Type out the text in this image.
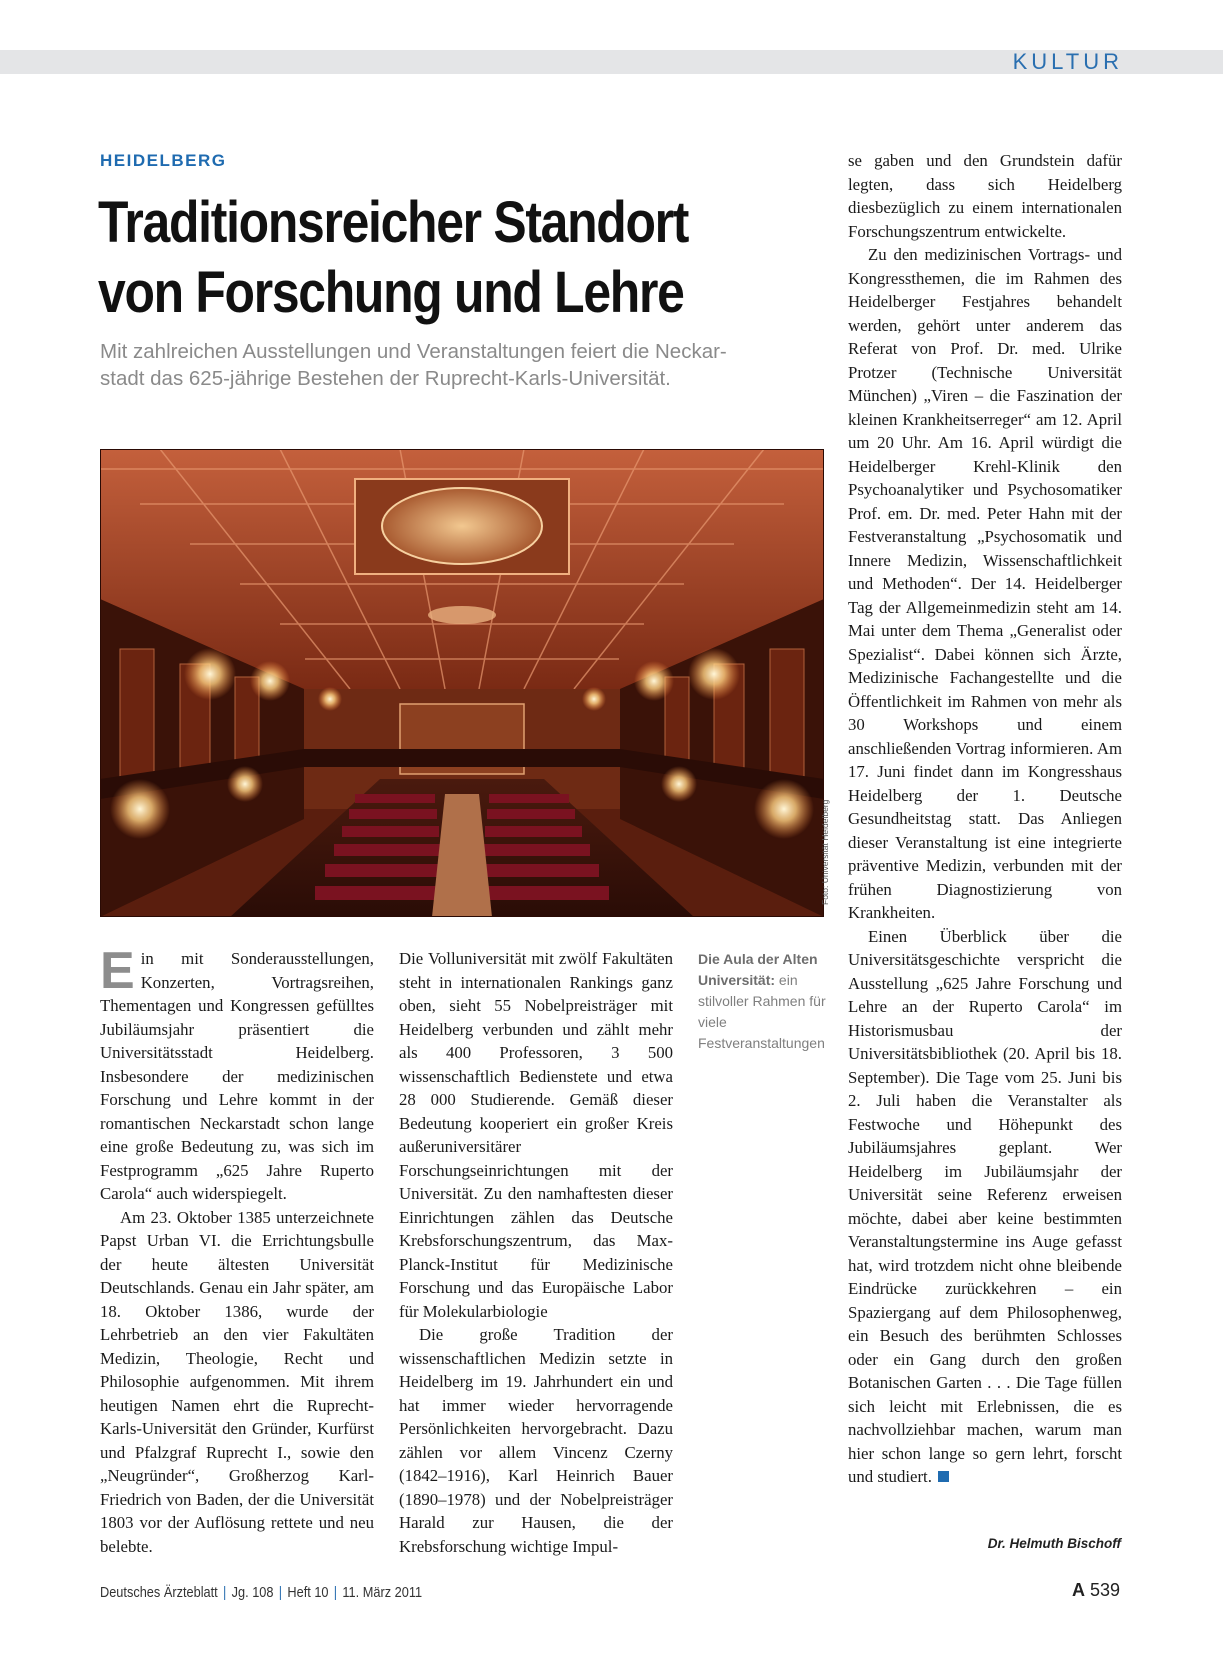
KULTUR
HEIDELBERG
Traditionsreicher Standort
von Forschung und Lehre
Mit zahlreichen Ausstellungen und Veranstaltungen feiert die Neckar-
stadt das 625-jährige Bestehen der Ruprecht-Karls-Universität.
Foto: Universität Heidelberg

Ein mit Sonderausstellungen, Konzerten, Vortragsreihen, Thementagen und Kongressen gefülltes Jubiläumsjahr präsentiert die Universitätsstadt Heidelberg. Insbesondere der medizinischen Forschung und Lehre kommt in der romantischen Neckarstadt schon lange eine große Bedeutung zu, was sich im Festprogramm „625 Jahre Ruperto Carola“ auch widerspiegelt.

Am 23. Oktober 1385 unterzeichnete Papst Urban VI. die Errichtungsbulle der heute ältesten Universität Deutschlands. Genau ein Jahr später, am 18. Oktober 1386, wurde der Lehrbetrieb an den vier Fakultäten Medizin, Theologie, Recht und Philosophie aufgenommen. Mit ihrem heutigen Namen ehrt die Ruprecht-Karls-Universität den Gründer, Kurfürst und Pfalzgraf Ruprecht I., sowie den „Neugründer“, Großherzog Karl-Friedrich von Baden, der die Universität 1803 vor der Auflösung rettete und neu belebte.

Die Volluniversität mit zwölf Fakultäten steht in internationalen Rankings ganz oben, sieht 55 Nobelpreisträger mit Heidelberg verbunden und zählt mehr als 400 Professoren, 3 500 wissenschaftlich Bedienstete und etwa 28 000 Studierende. Gemäß dieser Bedeutung kooperiert ein großer Kreis außeruniversitärer Forschungseinrichtungen mit der Universität. Zu den namhaftesten dieser Einrichtungen zählen das Deutsche Krebsforschungszentrum, das Max-Planck-Institut für Medizinische Forschung und das Europäische Labor für Molekularbiologie

Die große Tradition der wissenschaftlichen Medizin setzte in Heidelberg im 19. Jahrhundert ein und hat immer wieder hervorragende Persönlichkeiten hervorgebracht. Dazu zählen vor allem Vincenz Czerny (1842–1916), Karl Heinrich Bauer (1890–1978) und der Nobelpreisträger Harald zur Hausen, die der Krebsforschung wichtige Impul-

Die Aula der Alten Universität: ein stilvoller Rahmen für viele Festveranstaltungen

se gaben und den Grundstein dafür legten, dass sich Heidelberg diesbezüglich zu einem internationalen Forschungszentrum entwickelte.

Zu den medizinischen Vortrags- und Kongressthemen, die im Rahmen des Heidelberger Festjahres behandelt werden, gehört unter anderem das Referat von Prof. Dr. med. Ulrike Protzer (Technische Universität München) „Viren – die Faszination der kleinen Krankheitserreger“ am 12. April um 20 Uhr. Am 16. April würdigt die Heidelberger Krehl-Klinik den Psychoanalytiker und Psychosomatiker Prof. em. Dr. med. Peter Hahn mit der Festveranstaltung „Psychosomatik und Innere Medizin, Wissenschaftlichkeit und Methoden“. Der 14. Heidelberger Tag der Allgemeinmedizin steht am 14. Mai unter dem Thema „Generalist oder Spezialist“. Dabei können sich Ärzte, Medizinische Fachangestellte und die Öffentlichkeit im Rahmen von mehr als 30 Workshops und einem anschließenden Vortrag informieren. Am 17. Juni findet dann im Kongresshaus Heidelberg der 1. Deutsche Gesundheitstag statt. Das Anliegen dieser Veranstaltung ist eine integrierte präventive Medizin, verbunden mit der frühen Diagnostizierung von Krankheiten.

Einen Überblick über die Universitätsgeschichte verspricht die Ausstellung „625 Jahre Forschung und Lehre an der Ruperto Carola“ im Historismusbau der Universitätsbibliothek (20. April bis 18. September). Die Tage vom 25. Juni bis 2. Juli haben die Veranstalter als Festwoche und Höhepunkt des Jubiläumsjahres geplant. Wer Heidelberg im Jubiläumsjahr der Universität seine Referenz erweisen möchte, dabei aber keine bestimmten Veranstaltungstermine ins Auge gefasst hat, wird trotzdem nicht ohne bleibende Eindrücke zurückkehren – ein Spaziergang auf dem Philosophenweg, ein Besuch des berühmten Schlosses oder ein Gang durch den großen Botanischen Garten . . . Die Tage füllen sich leicht mit Erlebnissen, die es nachvollziehbar machen, warum man hier schon lange so gern lehrt, forscht und studiert.

Dr. Helmuth Bischoff
Deutsches Ärzteblatt | Jg. 108 | Heft 10 | 11. März 2011	A 539
